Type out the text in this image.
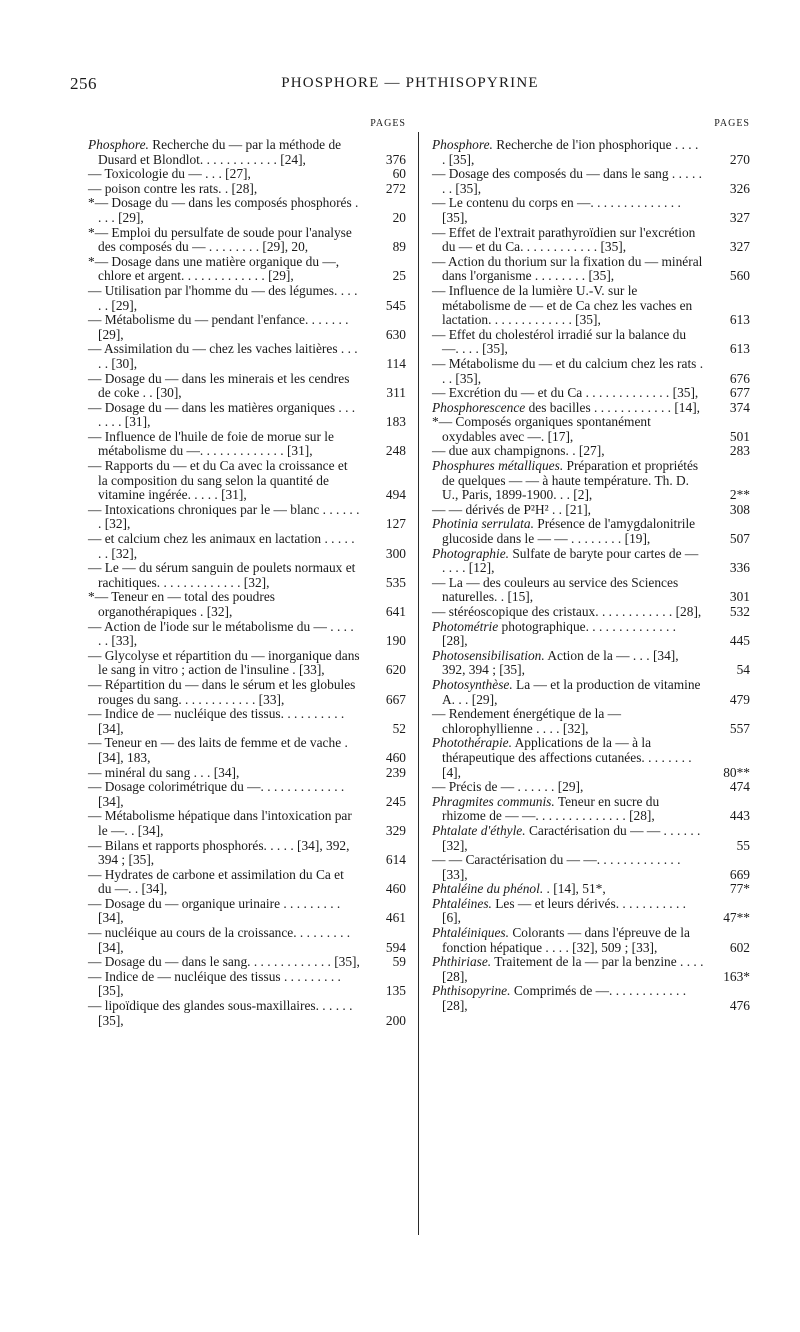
256	PHOSPHORE — PHTHISOPYRINE
PAGES

Phosphore. Recherche du — par la méthode de Dusard et Blondlot. . . . . . . . . . . . [24],	376

— Toxicologie du — . . . [27],	60

— poison contre les rats. . [28],	272

*— Dosage du — dans les composés phosphorés . . . . [29],	20

*— Emploi du persulfate de soude pour l'analyse des composés du — . . . . . . . . [29], 20,	89

*— Dosage dans une matière organique du —, chlore et argent. . . . . . . . . . . . . [29],	25

— Utilisation par l'homme du — des légumes. . . . . . [29],	545

— Métabolisme du — pendant l'enfance. . . . . . . [29],	630

— Assimilation du — chez les vaches laitières . . . . . [30],	114

— Dosage du — dans les minerais et les cendres de coke . . [30],	311

— Dosage du — dans les matières organiques . . . . . . . [31],	183

— Influence de l'huile de foie de morue sur le métabolisme du —. . . . . . . . . . . . . [31],	248

— Rapports du — et du Ca avec la croissance et la composition du sang selon la quantité de vitamine ingérée. . . . . [31],	494

— Intoxications chroniques par le — blanc . . . . . . . [32],	127

— et calcium chez les animaux en lactation . . . . . . . [32],	300

— Le — du sérum sanguin de poulets normaux et rachitiques. . . . . . . . . . . . . [32],	535

*— Teneur en — total des poudres organothérapiques . [32],	641

— Action de l'iode sur le métabolisme du — . . . . . . [33],	190

— Glycolyse et répartition du — inorganique dans le sang in vitro ; action de l'insuline . [33],	620

— Répartition du — dans le sérum et les globules rouges du sang. . . . . . . . . . . . [33],	667

— Indice de — nucléique des tissus. . . . . . . . . . [34],	52

— Teneur en — des laits de femme et de vache . [34], 183,	460

— minéral du sang . . . [34],	239

— Dosage colorimétrique du —. . . . . . . . . . . . . [34],	245

— Métabolisme hépatique dans l'intoxication par le —. . [34],	329

— Bilans et rapports phosphorés. . . . . [34], 392, 394 ; [35],	614

— Hydrates de carbone et assimilation du Ca et du —. . [34],	460

— Dosage du — organique urinaire . . . . . . . . . [34],	461

— nucléique au cours de la croissance. . . . . . . . . [34],	594

— Dosage du — dans le sang. . . . . . . . . . . . . [35],	59

— Indice de — nucléique des tissus . . . . . . . . . [35],	135

— lipoïdique des glandes sous-maxillaires. . . . . . [35],	200

PAGES

Phosphore. Recherche de l'ion phosphorique . . . . . [35],	270

— Dosage des composés du — dans le sang . . . . . . . [35],	326

— Le contenu du corps en —. . . . . . . . . . . . . . [35],	327

— Effet de l'extrait parathyroïdien sur l'excrétion du — et du Ca. . . . . . . . . . . . [35],	327

— Action du thorium sur la fixation du — minéral dans l'organisme . . . . . . . . [35],	560

— Influence de la lumière U.-V. sur le métabolisme de — et de Ca chez les vaches en lactation. . . . . . . . . . . . . [35],	613

— Effet du cholestérol irradié sur la balance du —. . . . [35],	613

— Métabolisme du — et du calcium chez les rats . . . [35],	676

— Excrétion du — et du Ca . . . . . . . . . . . . . [35],	677

Phosphorescence des bacilles . . . . . . . . . . . . [14],	374

*— Composés organiques spontanément oxydables avec —. [17],	501

— due aux champignons. . [27],	283

Phosphures métalliques. Préparation et propriétés de quelques — — à haute température. Th. D. U., Paris, 1899-1900. . . [2],	2**

— — dérivés de P²H² . . [21],	308

Photinia serrulata. Présence de l'amygdalonitrile glucoside dans le — — . . . . . . . . [19],	507

Photographie. Sulfate de baryte pour cartes de — . . . . [12],	336

— La — des couleurs au service des Sciences naturelles. . [15],	301

— stéréoscopique des cristaux. . . . . . . . . . . . [28],	532

Photométrie photographique. . . . . . . . . . . . . . [28],	445

Photosensibilisation. Action de la — . . . [34], 392, 394 ; [35],	54

Photosynthèse. La — et la production de vitamine A. . . [29],	479

— Rendement énergétique de la — chlorophyllienne . . . . [32],	557

Photothérapie. Applications de la — à la thérapeutique des affections cutanées. . . . . . . . [4],	80**

— Précis de — . . . . . . [29],	474

Phragmites communis. Teneur en sucre du rhizome de — —. . . . . . . . . . . . . . [28],	443

Phtalate d'éthyle. Caractérisation du — — . . . . . . [32],	55

— — Caractérisation du — —. . . . . . . . . . . . . [33],	669

Phtaléine du phénol. . [14], 51*,	77*

Phtaléines. Les — et leurs dérivés. . . . . . . . . . . [6],	47**

Phtaléiniques. Colorants — dans l'épreuve de la fonction hépatique . . . . [32], 509 ; [33],	602

Phthiriase. Traitement de la — par la benzine . . . . [28],	163*

Phthisopyrine. Comprimés de —. . . . . . . . . . . . [28],	476
